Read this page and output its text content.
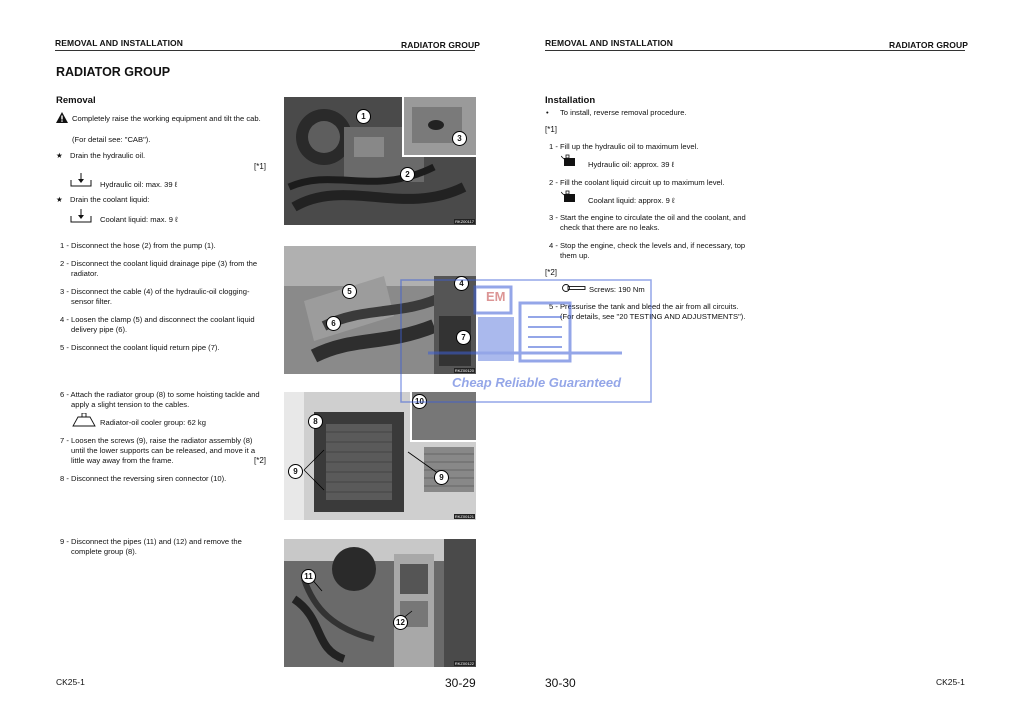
REMOVAL AND INSTALLATION	RADIATOR GROUP
RADIATOR GROUP
Removal
Completely raise the working equipment and tilt the cab.
(For detail see: "CAB").
★ Drain the hydraulic oil.
[*1]
Hydraulic oil: max. 39 ℓ
★ Drain the coolant liquid:
Coolant liquid: max. 9 ℓ
1 - Disconnect the hose (2) from the pump (1).
2 - Disconnect the coolant liquid drainage pipe (3) from the
radiator.
3 - Disconnect the cable (4) of the hydraulic-oil clogging-
sensor filter.
4 - Loosen the clamp (5) and disconnect the coolant liquid
delivery pipe (6).
5 - Disconnect the coolant liquid return pipe (7).
6 - Attach the radiator group (8) to some hoisting tackle and
apply a slight tension to the cables.
Radiator-oil cooler group: 62 kg
7 - Loosen the screws (9), raise the radiator assembly (8)
until the lower supports can be released, and move it a
little way away from the frame.	[*2]
8 - Disconnect the reversing siren connector (10).
9 - Disconnect the pipes (11) and (12) and remove the
complete group (8).
1
2
3
RKZ00117
4
5
6
7
RKZ00120
8
9
9
10
RKZ00121
11
12
RKZ00122
CK25-1	30-29
REMOVAL AND INSTALLATION	RADIATOR GROUP
Installation
• To install, reverse removal procedure.
[*1]
1 - Fill up the hydraulic oil to maximum level.
Hydraulic oil: approx. 39 ℓ
2 - Fill the coolant liquid circuit up to maximum level.
Coolant liquid: approx. 9 ℓ
3 - Start the engine to circulate the oil and the coolant, and
check that there are no leaks.
4 - Stop the engine, check the levels and, if necessary, top
them up.
[*2]
Screws: 190 Nm
5 - Pressurise the tank and bleed the air from all circuits.
(For details, see "20 TESTING AND ADJUSTMENTS").
30-30	CK25-1
EM
Cheap Reliable Guaranteed
